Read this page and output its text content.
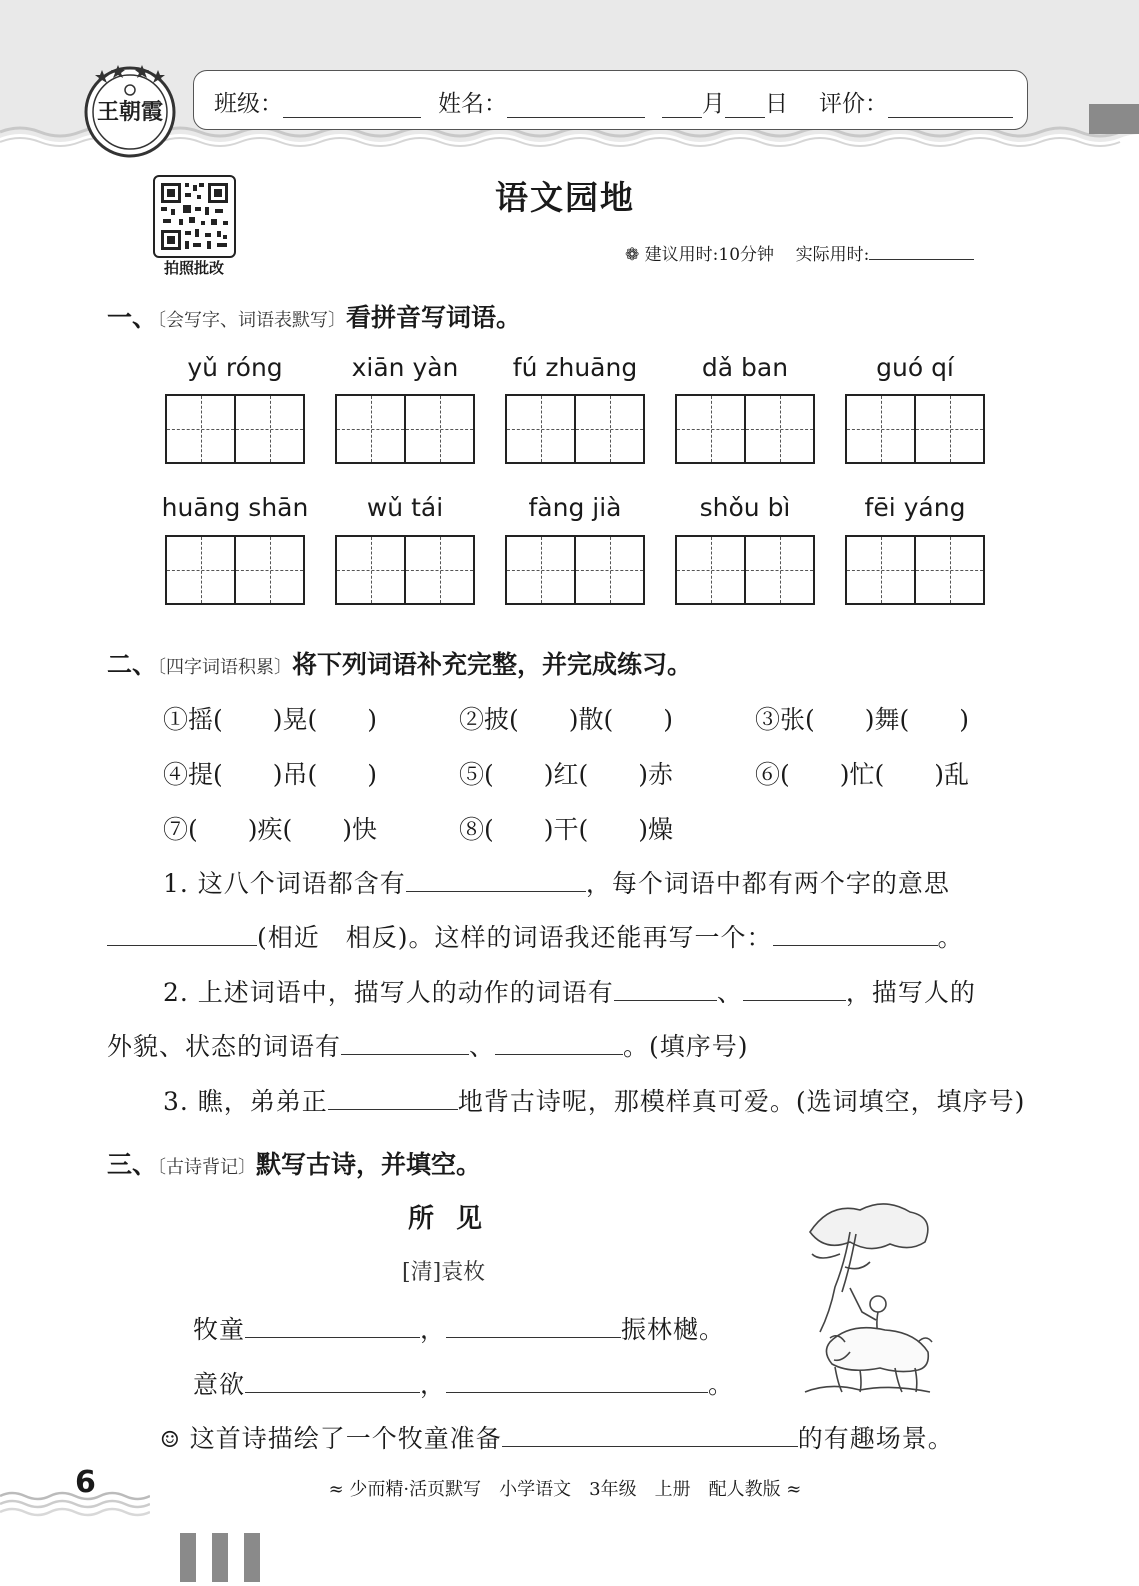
王朝霞 班级：	姓名：	月 日 评价：
拍照批改
语文园地
❁ 建议用时:10分钟 实际用时:
一、〔会写字、词语表默写〕看拼音写词语。
yǔ róng	xiān yàn	fú zhuāng	dǎ ban	guó qí
huāng shān	wǔ tái	fàng jià	shǒu bì	fēi yáng
二、〔四字词语积累〕将下列词语补充完整，并完成练习。
①摇(　　)晃(　　)	②披(　　)散(　　)	③张(　　)舞(　　)
④提(　　)吊(　　)	⑤(　　)红(　　)赤	⑥(　　)忙(　　)乱
⑦(　　)疾(　　)快	⑧(　　)干(　　)燥
1. 这八个词语都含有	，每个词语中都有两个字的意思
(相近　相反)。这样的词语我还能再写一个：	。
2. 上述词语中，描写人的动作的词语有	、	，描写人的
外貌、状态的词语有	、	。(填序号)
3. 瞧，弟弟正	地背古诗呢，那模样真可爱。(选词填空，填序号)
三、〔古诗背记〕默写古诗，并填空。
所见
[清]袁枚
牧童	，	振林樾。
意欲	，	。
☺ 这首诗描绘了一个牧童准备	的有趣场景。
6	≈ 少而精·活页默写　小学语文　3年级　上册　配人教版 ≈
